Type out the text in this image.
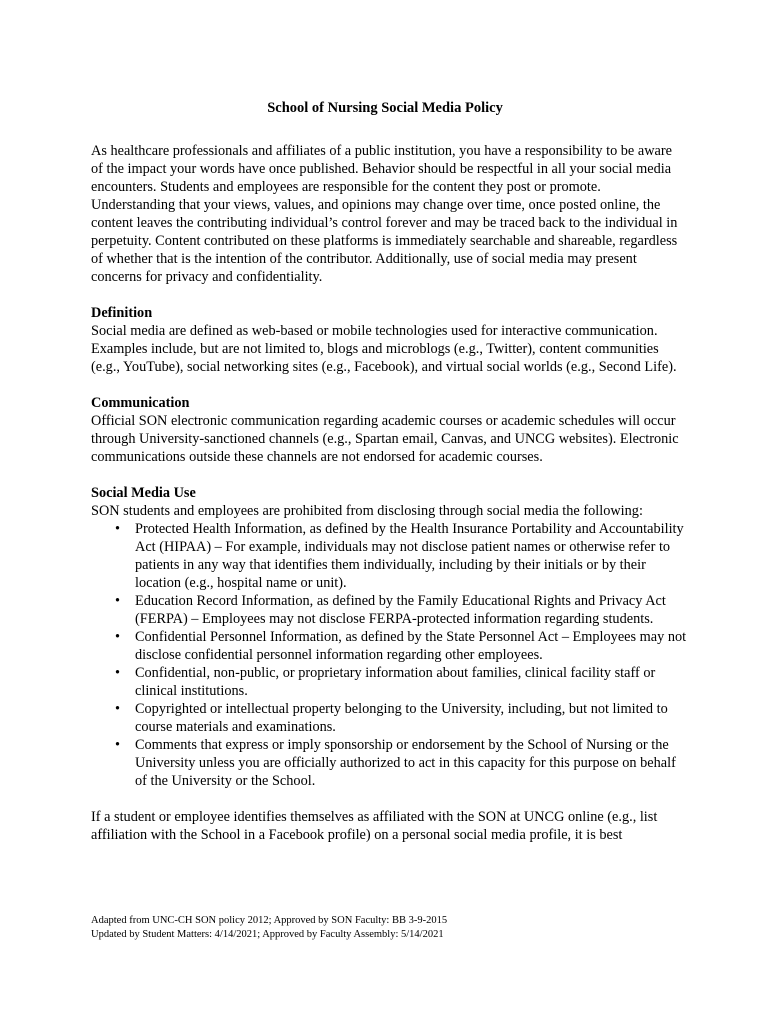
School of Nursing Social Media Policy

As healthcare professionals and affiliates of a public institution, you have a responsibility to be aware of the impact your words have once published. Behavior should be respectful in all your social media encounters. Students and employees are responsible for the content they post or promote. Understanding that your views, values, and opinions may change over time, once posted online, the content leaves the contributing individual’s control forever and may be traced back to the individual in perpetuity. Content contributed on these platforms is immediately searchable and shareable, regardless of whether that is the intention of the contributor. Additionally, use of social media may present concerns for privacy and confidentiality.

Definition

Social media are defined as web-based or mobile technologies used for interactive communication. Examples include, but are not limited to, blogs and microblogs (e.g., Twitter), content communities (e.g., YouTube), social networking sites (e.g., Facebook), and virtual social worlds (e.g., Second Life).

Communication

Official SON electronic communication regarding academic courses or academic schedules will occur through University-sanctioned channels (e.g., Spartan email, Canvas, and UNCG websites). Electronic communications outside these channels are not endorsed for academic courses.

Social Media Use

SON students and employees are prohibited from disclosing through social media the following:

• Protected Health Information, as defined by the Health Insurance Portability and Accountability Act (HIPAA) – For example, individuals may not disclose patient names or otherwise refer to patients in any way that identifies them individually, including by their initials or by their location (e.g., hospital name or unit).
• Education Record Information, as defined by the Family Educational Rights and Privacy Act (FERPA) – Employees may not disclose FERPA-protected information regarding students.
• Confidential Personnel Information, as defined by the State Personnel Act – Employees may not disclose confidential personnel information regarding other employees.
• Confidential, non-public, or proprietary information about families, clinical facility staff or clinical institutions.
• Copyrighted or intellectual property belonging to the University, including, but not limited to course materials and examinations.
• Comments that express or imply sponsorship or endorsement by the School of Nursing or the University unless you are officially authorized to act in this capacity for this purpose on behalf of the University or the School.

If a student or employee identifies themselves as affiliated with the SON at UNCG online (e.g., list affiliation with the School in a Facebook profile) on a personal social media profile, it is best

Adapted from UNC-CH SON policy 2012; Approved by SON Faculty: BB 3-9-2015

Updated by Student Matters: 4/14/2021; Approved by Faculty Assembly: 5/14/2021
